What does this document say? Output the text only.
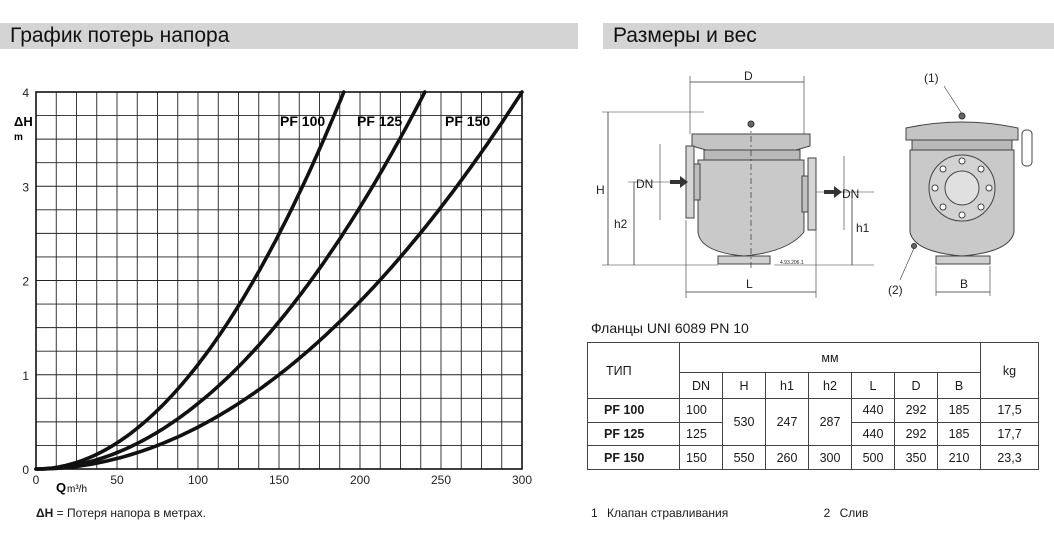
График потерь напора	Размеры и вес
0	50	100	150	200	250	300
0
1
2
3
4
ΔH
m
Q m³/h
PF 100 PF 125	PF 150
ΔH = Потеря напора в метрах.
D
H
h2	h1
DN
DN
L
4.93.206.1
(1)
(2)	B
Фланцы UNI 6089 PN 10
ТИП	мм							kg
	DN	H	h1	h2	L	D	B	
PF 100	100	530	247	287	440	292	185	17,5
PF 125	125				440	292	185	17,7
PF 150	150	550	260	300	500	350	210	23,3
1 Клапан стравливания	2 Слив
